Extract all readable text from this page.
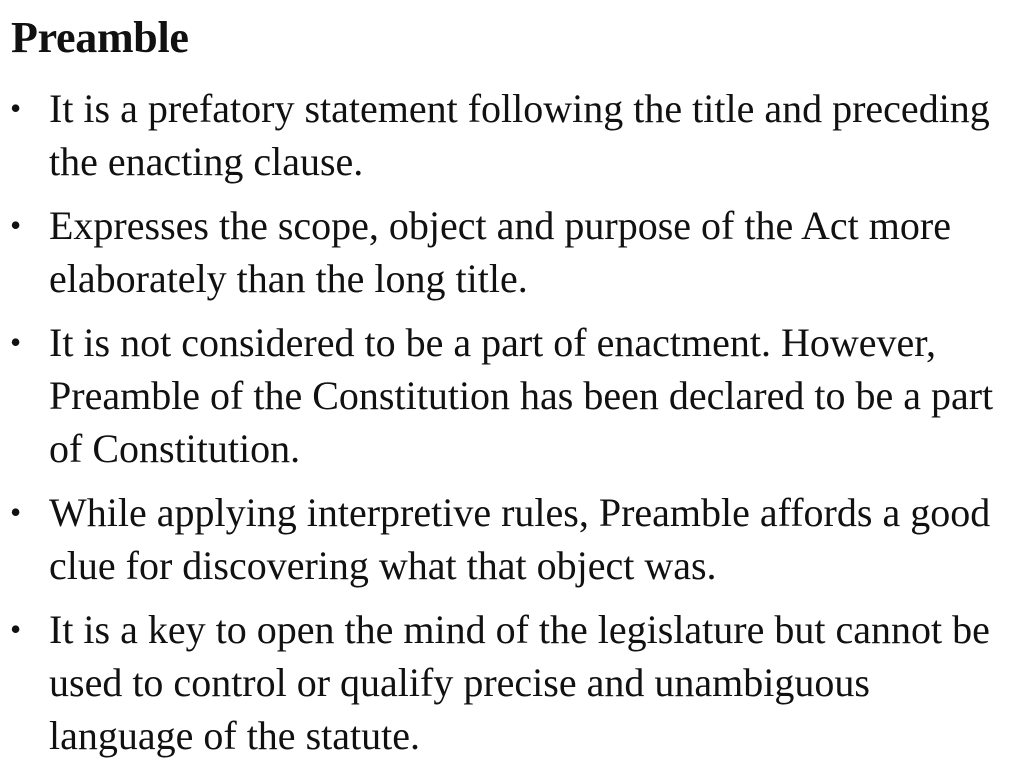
Preamble
• It is a prefatory statement following the title and preceding the enacting clause.
• Expresses the scope, object and purpose of the Act more elaborately than the long title.
• It is not considered to be a part of enactment. However, Preamble of the Constitution has been declared to be a part of Constitution.
• While applying interpretive rules, Preamble affords a good clue for discovering what that object was.
• It is a key to open the mind of the legislature but cannot be used to control or qualify precise and unambiguous language of the statute.
